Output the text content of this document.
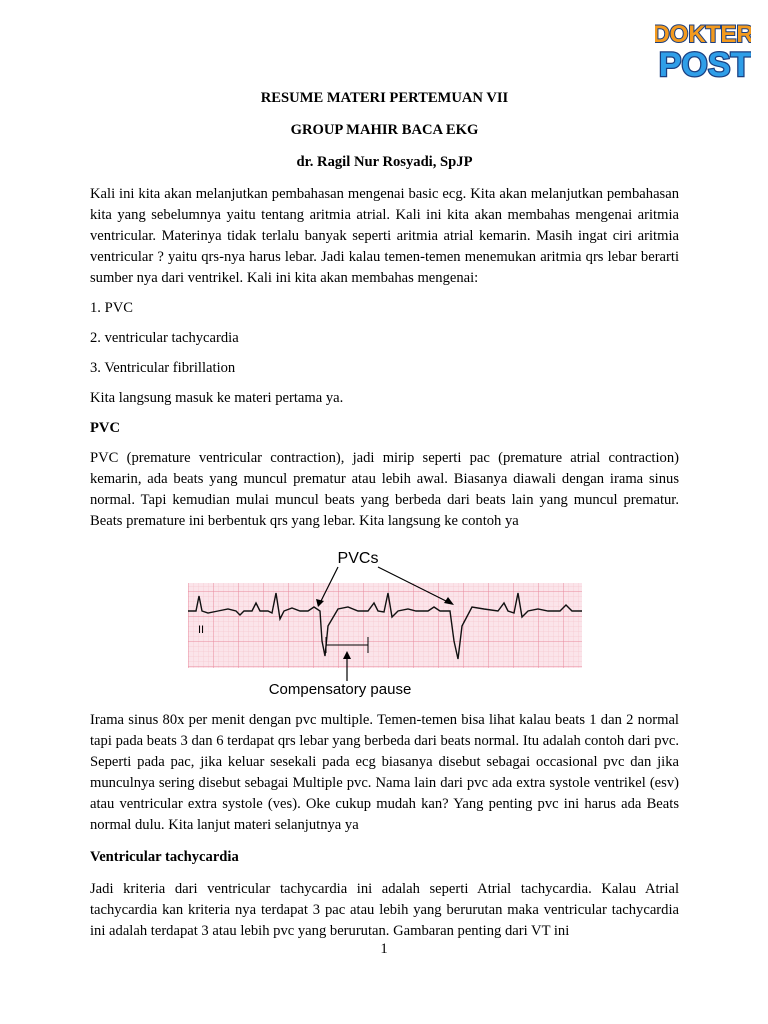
DOKTER
POST

RESUME MATERI PERTEMUAN VII

GROUP MAHIR BACA EKG

dr. Ragil Nur Rosyadi, SpJP

Kali ini kita akan melanjutkan pembahasan mengenai basic ecg. Kita akan melanjutkan pembahasan kita yang sebelumnya yaitu tentang aritmia atrial. Kali ini kita akan membahas mengenai aritmia ventricular. Materinya tidak terlalu banyak seperti aritmia atrial kemarin. Masih ingat ciri aritmia ventricular ? yaitu qrs-nya harus lebar. Jadi kalau temen-temen menemukan aritmia qrs lebar berarti sumber nya dari ventrikel. Kali ini kita akan membahas mengenai:

1. PVC

2. ventricular tachycardia

3. Ventricular fibrillation

Kita langsung masuk ke materi pertama ya.

PVC

PVC (premature ventricular contraction), jadi mirip seperti pac (premature atrial contraction) kemarin, ada beats yang muncul prematur atau lebih awal. Biasanya diawali dengan irama sinus normal. Tapi kemudian mulai muncul beats yang berbeda dari beats lain yang muncul prematur. Beats premature ini berbentuk qrs yang lebar. Kita langsung ke contoh ya

II
PVCs
Compensatory pause

Irama sinus 80x per menit dengan pvc multiple. Temen-temen bisa lihat kalau beats 1 dan 2 normal tapi pada beats 3 dan 6 terdapat qrs lebar yang berbeda dari beats normal. Itu adalah contoh dari pvc. Seperti pada pac, jika keluar sesekali pada ecg biasanya disebut sebagai occasional pvc dan jika munculnya sering disebut sebagai Multiple pvc. Nama lain dari pvc ada extra systole ventrikel (esv) atau ventricular extra systole (ves). Oke cukup mudah kan? Yang penting pvc ini harus ada Beats normal dulu. Kita lanjut materi selanjutnya ya

Ventricular tachycardia

Jadi kriteria dari ventricular tachycardia ini adalah seperti Atrial tachycardia. Kalau Atrial tachycardia kan kriteria nya terdapat 3 pac atau lebih yang berurutan maka ventricular tachycardia ini adalah terdapat 3 atau lebih pvc yang berurutan. Gambaran penting dari VT ini

1
